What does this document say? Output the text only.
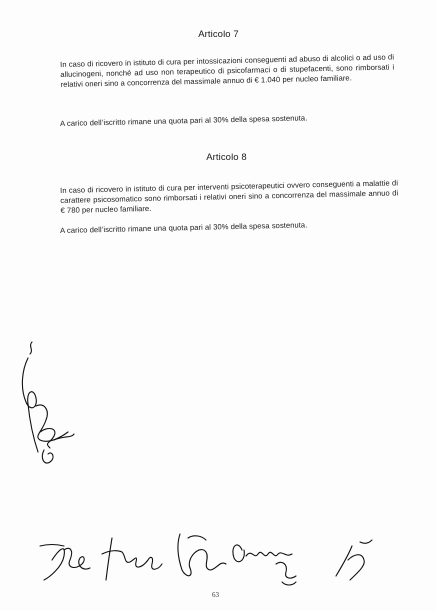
Articolo 7
In caso di ricovero in istituto di cura per intossicazioni conseguenti ad abuso di alcolici o ad uso di allucinogeni, nonché ad uso non terapeutico di psicofarmaci o di stupefacenti, sono rimborsati i relativi oneri sino a concorrenza del massimale annuo di € 1.040 per nucleo familiare.
A carico dell’iscritto rimane una quota pari al 30% della spesa sostenuta.
Articolo 8
In caso di ricovero in istituto di cura per interventi psicoterapeutici ovvero conseguenti a malattie di carattere psicosomatico sono rimborsati i relativi oneri sino a concorrenza del massimale annuo di € 780 per nucleo familiare.
A carico dell’iscritto rimane una quota pari al 30% della spesa sostenuta.
63
